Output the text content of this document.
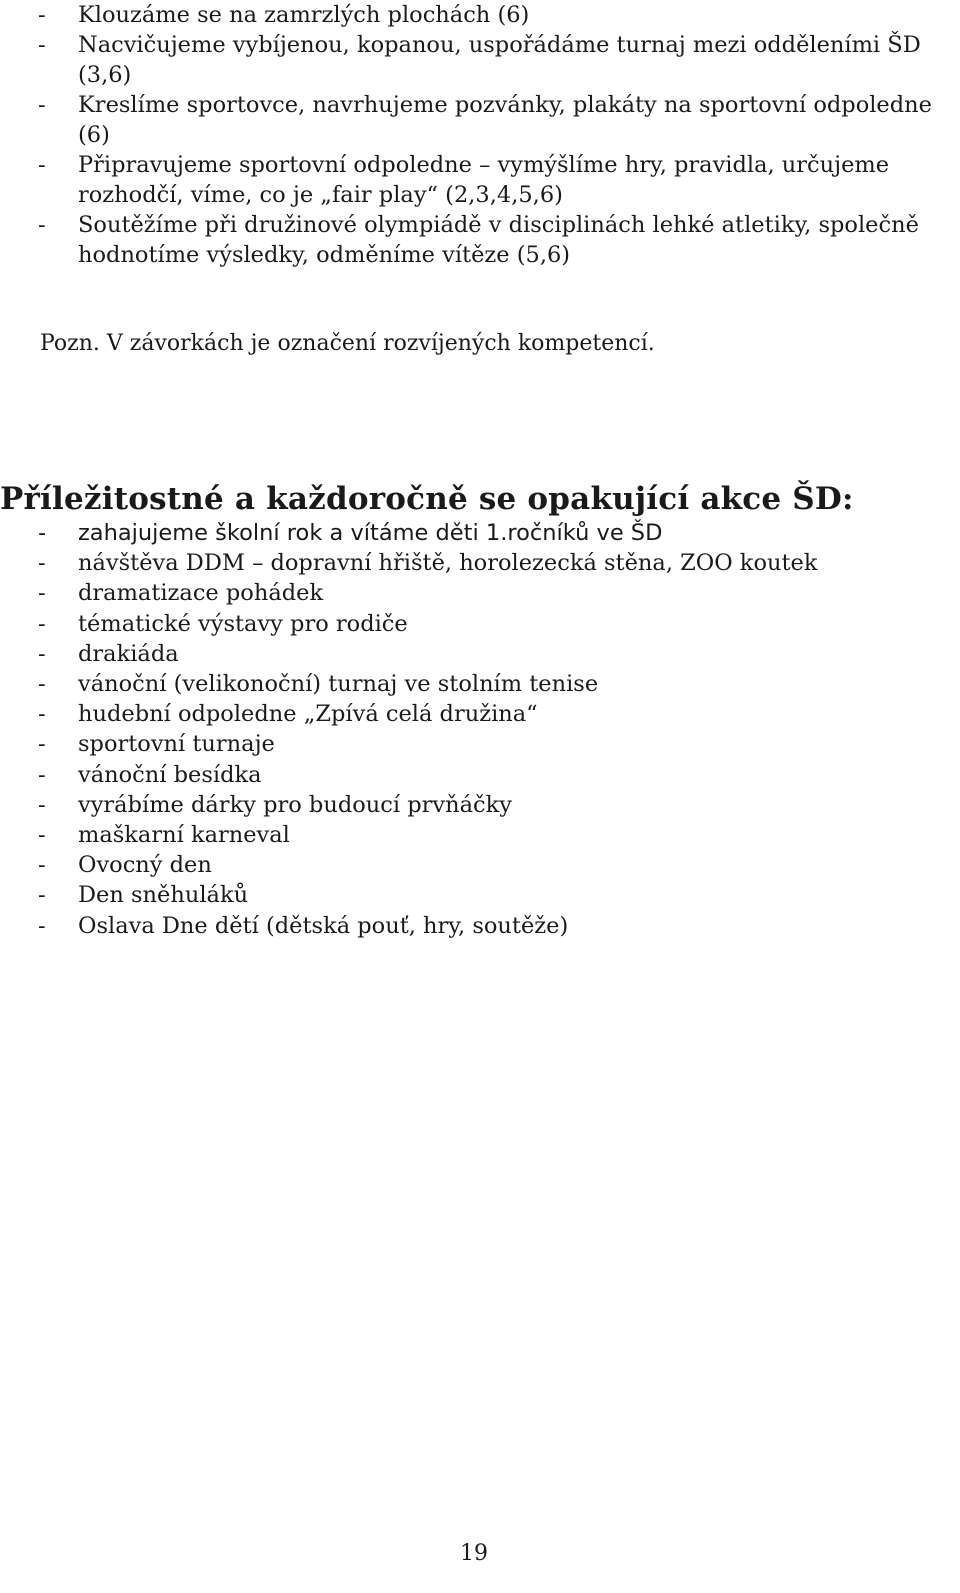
- Klouzáme se na zamrzlých plochách (6)
- Nacvičujeme vybíjenou, kopanou, uspořádáme turnaj mezi odděleními ŠD (3,6)
- Kreslíme sportovce, navrhujeme pozvánky, plakáty na sportovní odpoledne (6)
- Připravujeme sportovní odpoledne – vymýšlíme hry, pravidla, určujeme rozhodčí, víme, co je „fair play“ (2,3,4,5,6)
- Soutěžíme při družinové olympiádě v disciplinách lehké atletiky, společně hodnotíme výsledky, odměníme vítěze (5,6)
Pozn. V závorkách je označení rozvíjených kompetencí.
Příležitostné a každoročně se opakující akce ŠD:
- zahajujeme školní rok a vítáme děti 1.ročníků ve ŠD
- návštěva DDM – dopravní hřiště, horolezecká stěna, ZOO koutek
- dramatizace pohádek
- tématické výstavy pro rodiče
- drakiáda
- vánoční (velikonoční) turnaj ve stolním tenise
- hudební odpoledne „Zpívá celá družina“
- sportovní turnaje
- vánoční besídka
- vyrábíme dárky pro budoucí prvňáčky
- maškarní karneval
- Ovocný den
- Den sněhuláků
- Oslava Dne dětí (dětská pouť, hry, soutěže)
19
